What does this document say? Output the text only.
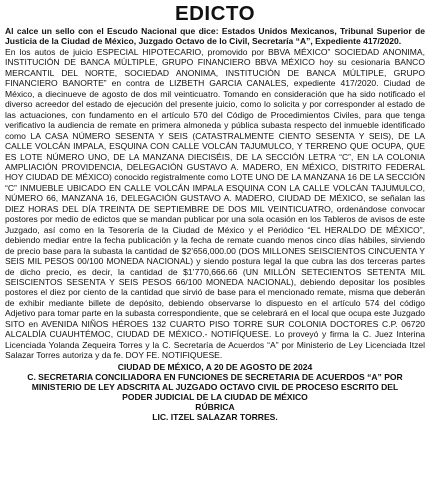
EDICTO

Al calce un sello con el Escudo Nacional que dice: Estados Unidos Mexicanos, Tribunal Superior de Justicia de la Ciudad de México, Juzgado Octavo de lo Civil, Secretaría “A”, Expediente 417/2020.

En los autos de juicio ESPECIAL HIPOTECARIO, promovido por BBVA MÉXICO” SOCIEDAD ANONIMA, INSTITUCIÓN DE BANCA MÚLTIPLE, GRUPO FINANCIERO BBVA MÉXICO hoy su cesionaria BANCO MERCANTIL DEL NORTE, SOCIEDAD ANONIMA, INSTITUCIÓN DE BANCA MÚLTIPLE, GRUPO FINANCIERO BANORTE” en contra de LIZBETH GARCIA CANALES, expediente 417/2020. Ciudad de México, a diecinueve de agosto de dos mil veinticuatro. Tomando en consideración que ha sido notificado el diverso acreedor del estado de ejecución del presente juicio, como lo solicita y por corresponder al estado de las actuaciones, con fundamento en el artículo 570 del Código de Procedimientos Civiles, para que tenga verificativo la audiencia de remate en primera almoneda y pública subasta respecto del inmueble identificado como LA CASA NÚMERO SESENTA Y SEIS (CATASTRALMENTE CIENTO SESENTA Y SEIS), DE LA CALLE VOLCÁN IMPALA, ESQUINA CON CALLE VOLCÁN TAJUMULCO, Y TERRENO QUE OCUPA, QUE ES LOTE NÚMERO UNO, DE LA MANZANA DIECISÉIS, DE LA SECCIÓN LETRA “C”, EN LA COLONIA AMPLIACIÓN PROVIDENCIA, DELEGACIÓN GUSTAVO A. MADERO, EN MÉXICO, DISTRITO FEDERAL HOY CIUDAD DE MÉXICO) conocido registralmente como LOTE UNO DE LA MANZANA 16 DE LA SECCIÓN “C” INMUEBLE UBICADO EN CALLE VOLCÁN IMPALA ESQUINA CON LA CALLE VOLCÁN TAJUMULCO, NÚMERO 66, MANZANA 16, DELEGACIÓN GUSTAVO A. MADERO, CIUDAD DE MÉXICO, se señalan las DIEZ HORAS DEL DÍA TREINTA DE SEPTIEMBRE DE DOS MIL VEINTICUATRO, ordenándose convocar postores por medio de edictos que se mandan publicar por una sola ocasión en los Tableros de avisos de este Juzgado, así como en la Tesorería de la Ciudad de México y el Periódico “EL HERALDO DE MÉXICO”, debiendo mediar entre la fecha publicación y la fecha de remate cuando menos cinco días hábiles, sirviendo de precio base para la subasta la cantidad de $2’656,000.00 (DOS MILLONES SEISCIENTOS CINCUENTA Y SEIS MIL PESOS 00/100 MONEDA NACIONAL) y siendo postura legal la que cubra las dos terceras partes de dicho precio, es decir, la cantidad de $1’770,666.66 (UN MILLÓN SETECIENTOS SETENTA MIL SEISCIENTOS SESENTA Y SEIS PESOS 66/100 MONEDA NACIONAL), debiendo depositar los posibles postores el diez por ciento de la cantidad que sirvió de base para el mencionado remate, misma que deberán de exhibir mediante billete de depósito, debiendo observarse lo dispuesto en el artículo 574 del código Adjetivo para tomar parte en la subasta correspondiente, que se celebrará en el local que ocupa este Juzgado SITO en AVENIDA NIÑOS HÉROES 132 CUARTO PISO TORRE SUR COLONIA DOCTORES C.P. 06720 ALCALDÍA CUAUHTÉMOC, CIUDAD DE MÉXICO.- NOTIFÍQUESE. Lo proveyó y firma la C. Juez Interina Licenciada Yolanda Zequeira Torres y la C. Secretaría de Acuerdos “A” por Ministerio de Ley Licenciada Itzel Salazar Torres autoriza y da fe. DOY FE. NOTIFIQUESE.

CIUDAD DE MÉXICO, A 20 DE AGOSTO DE 2024
C. SECRETARIA CONCILIADORA EN FUNCIONES DE SECRETARIA DE ACUERDOS “A” POR
MINISTERIO DE LEY ADSCRITA AL JUZGADO OCTAVO CIVIL DE PROCESO ESCRITO DEL
PODER JUDICIAL DE LA CIUDAD DE MÉXICO
RÚBRICA
LIC. ITZEL SALAZAR TORRES.
